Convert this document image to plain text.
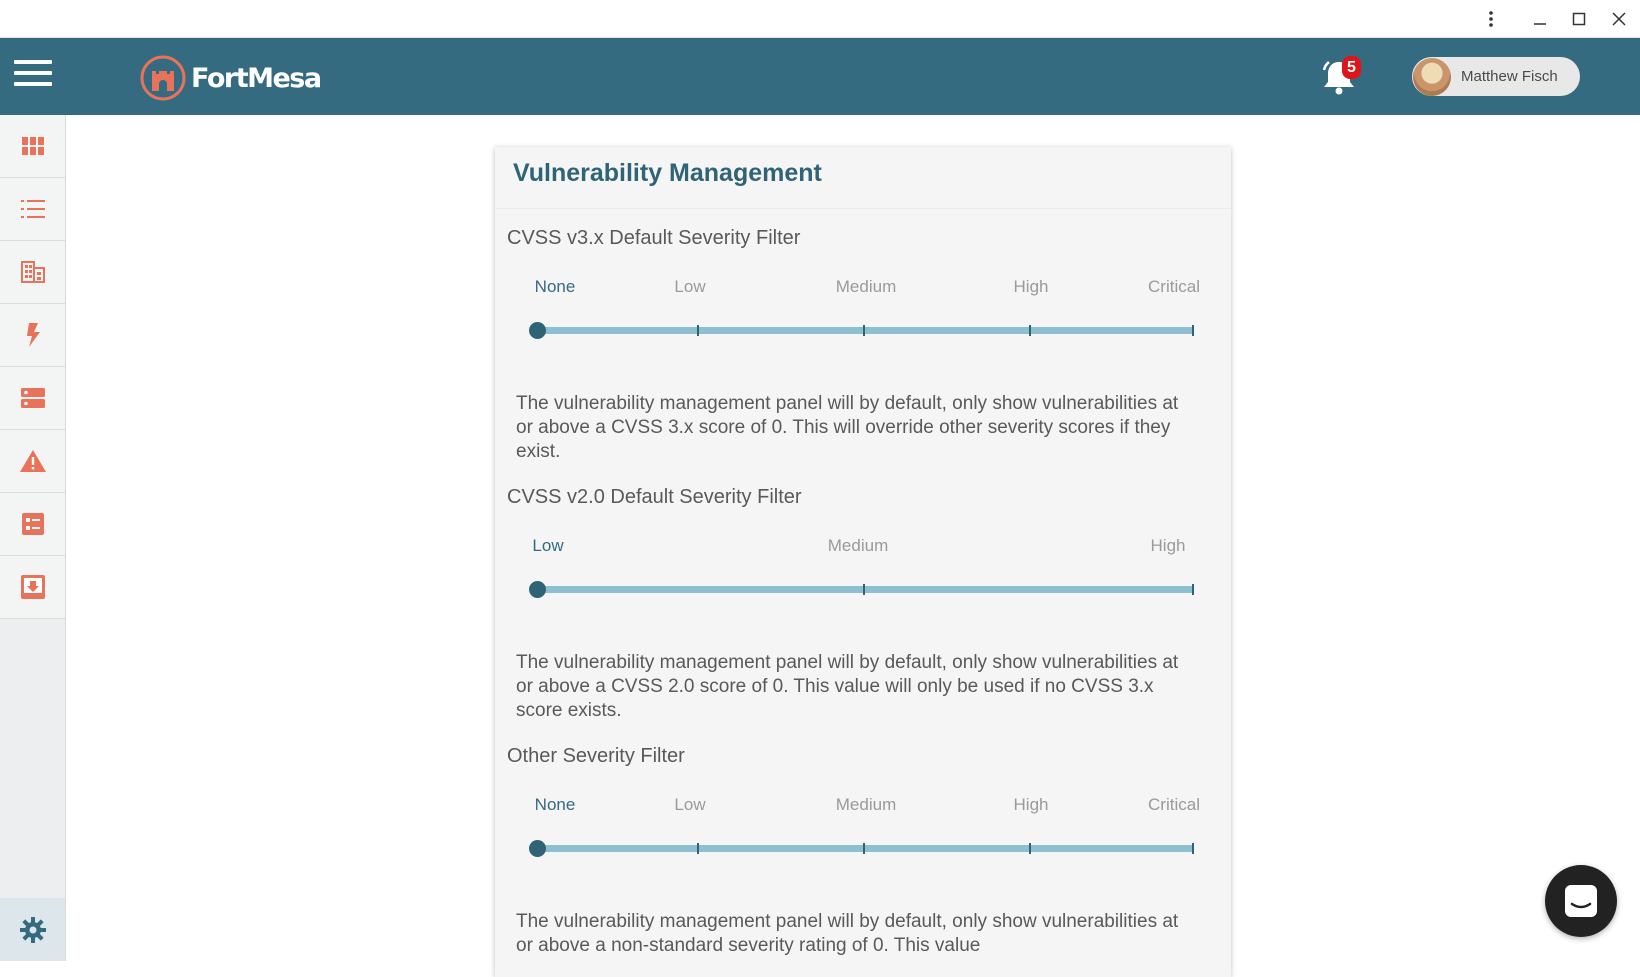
FortMesa	5
Matthew Fisch
Vulnerability Management
CVSS v3.x Default Severity Filter
None	Low	Medium	High	Critical
The vulnerability management panel will by default, only show vulnerabilities at or above a CVSS 3.x score of 0. This will override other severity scores if they exist.
CVSS v2.0 Default Severity Filter
Low	Medium	High
The vulnerability management panel will by default, only show vulnerabilities at or above a CVSS 2.0 score of 0. This value will only be used if no CVSS 3.x score exists.
Other Severity Filter
None	Low	Medium	High	Critical
The vulnerability management panel will by default, only show vulnerabilities at or above a non-standard severity rating of 0. This value
